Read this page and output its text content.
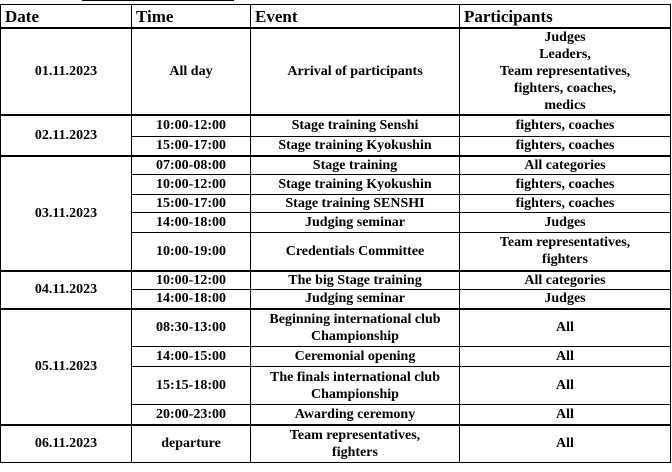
Date	Time	Event	Participants
01.11.2023	All day	Arrival of participants	Judges
Leaders,
Team representatives,
fighters, coaches,
medics
02.11.2023	10:00-12:00	Stage training Senshi	fighters, coaches
	15:00-17:00	Stage training Kyokushin	fighters, coaches
03.11.2023	07:00-08:00	Stage training	All categories
	10:00-12:00	Stage training Kyokushin	fighters, coaches
	15:00-17:00	Stage training SENSHI	fighters, coaches
	14:00-18:00	Judging seminar	Judges
	10:00-19:00	Credentials Committee	Team representatives,
fighters
04.11.2023	10:00-12:00	The big Stage training	All categories
	14:00-18:00	Judging seminar	Judges
05.11.2023	08:30-13:00	Beginning international club
Championship	All
	14:00-15:00	Ceremonial opening	All
	15:15-18:00	The finals international club
Championship	All
	20:00-23:00	Awarding ceremony	All
06.11.2023	departure	Team representatives,
fighters	All
